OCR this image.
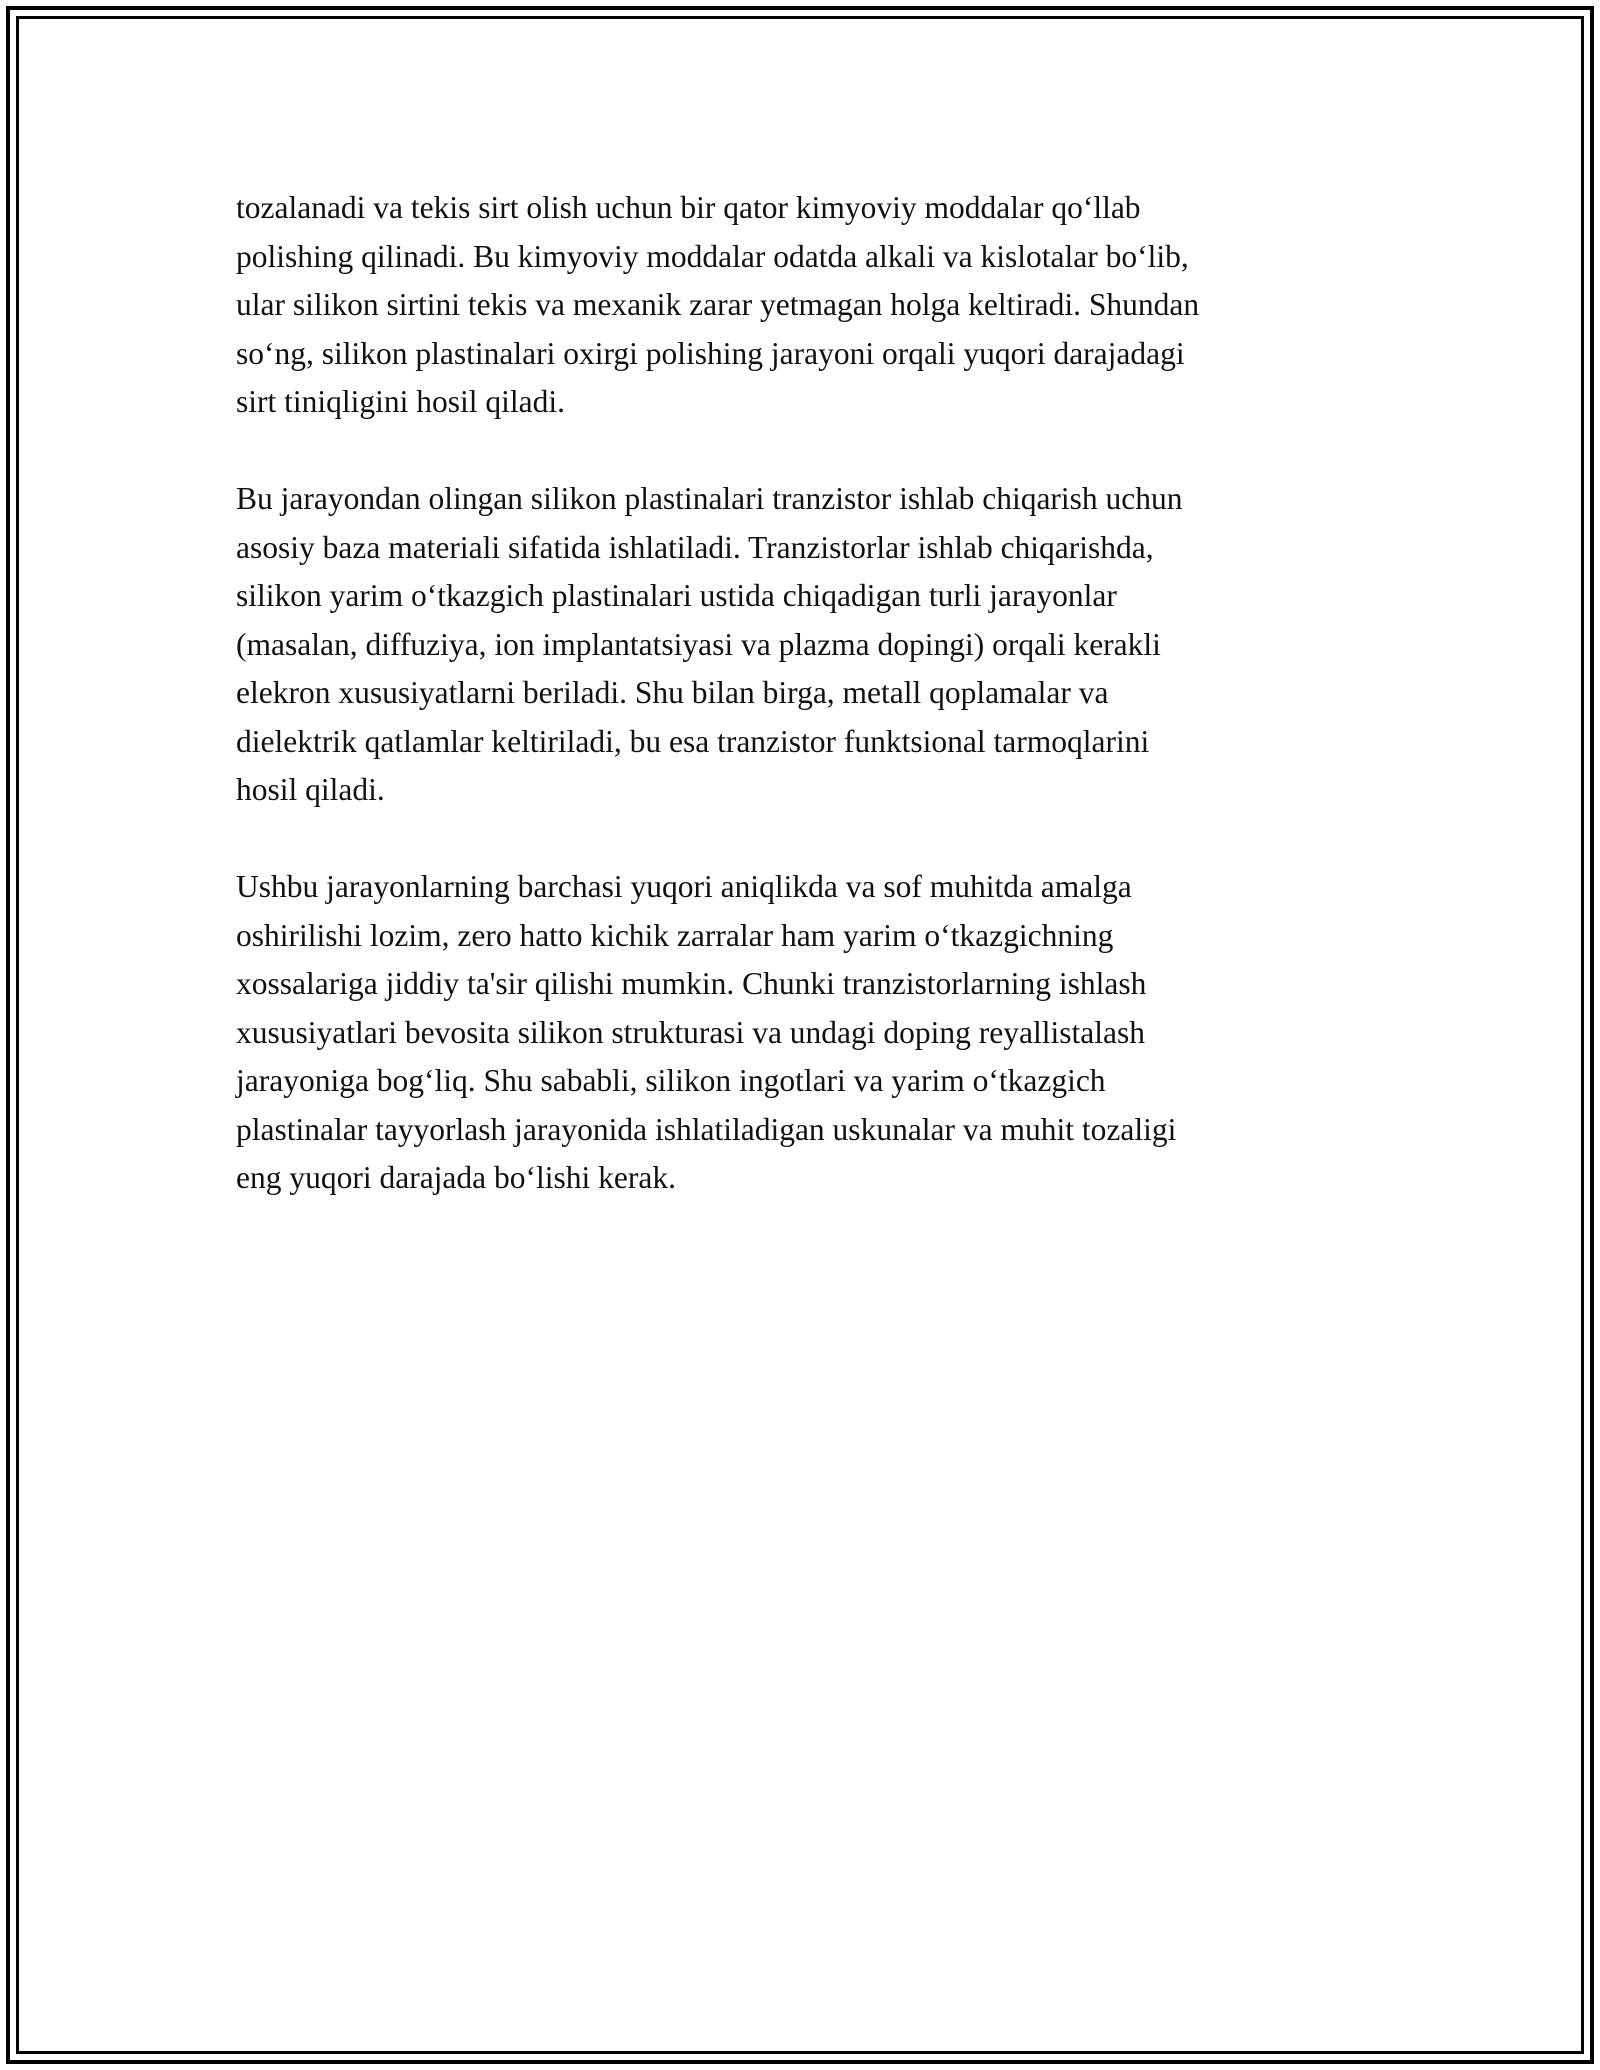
tozalanadi va tekis sirt olish uchun bir qator kimyoviy moddalar qo‘llab
polishing qilinadi. Bu kimyoviy moddalar odatda alkali va kislotalar bo‘lib,
ular silikon sirtini tekis va mexanik zarar yetmagan holga keltiradi. Shundan
so‘ng, silikon plastinalari oxirgi polishing jarayoni orqali yuqori darajadagi
sirt tiniqligini hosil qiladi.

Bu jarayondan olingan silikon plastinalari tranzistor ishlab chiqarish uchun
asosiy baza materiali sifatida ishlatiladi. Tranzistorlar ishlab chiqarishda,
silikon yarim o‘tkazgich plastinalari ustida chiqadigan turli jarayonlar
(masalan, diffuziya, ion implantatsiyasi va plazma dopingi) orqali kerakli
elekron xususiyatlarni beriladi. Shu bilan birga, metall qoplamalar va
dielektrik qatlamlar keltiriladi, bu esa tranzistor funktsional tarmoqlarini
hosil qiladi.

Ushbu jarayonlarning barchasi yuqori aniqlikda va sof muhitda amalga
oshirilishi lozim, zero hatto kichik zarralar ham yarim o‘tkazgichning
xossalariga jiddiy ta'sir qilishi mumkin. Chunki tranzistorlarning ishlash
xususiyatlari bevosita silikon strukturasi va undagi doping reyallistalash
jarayoniga bog‘liq. Shu sababli, silikon ingotlari va yarim o‘tkazgich
plastinalar tayyorlash jarayonida ishlatiladigan uskunalar va muhit tozaligi
eng yuqori darajada bo‘lishi kerak.
